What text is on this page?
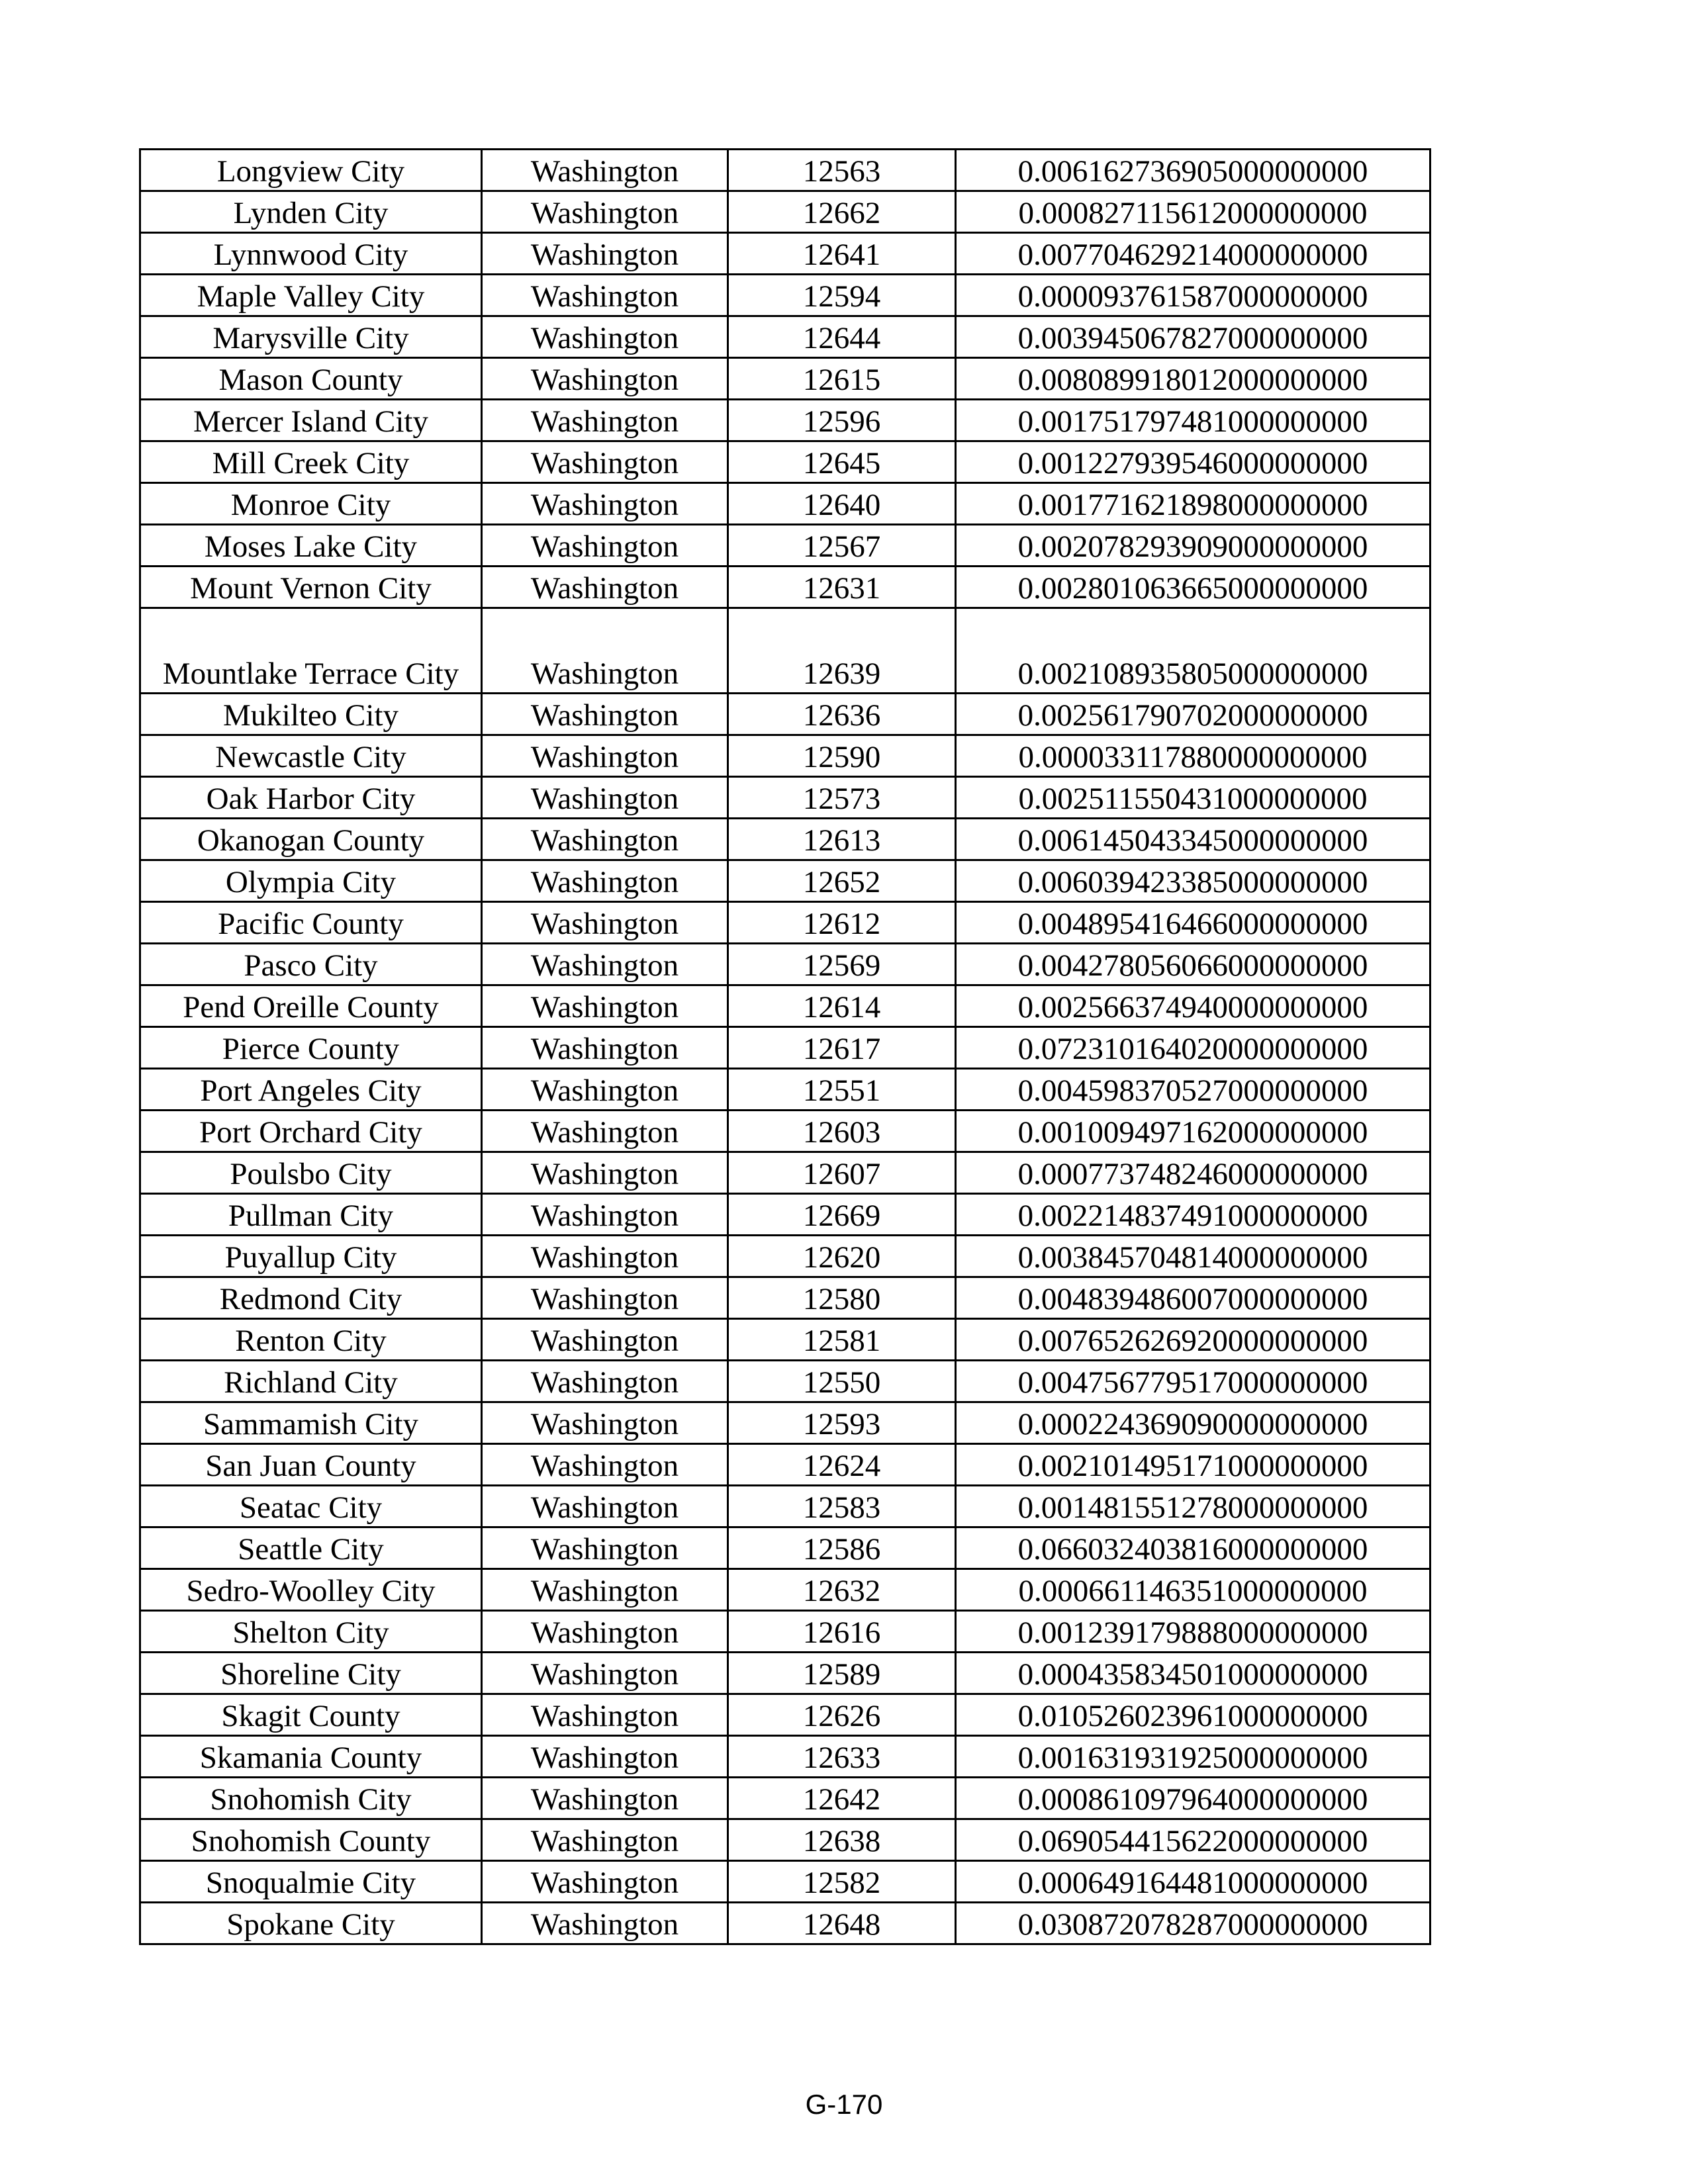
Longview City	Washington	12563	0.006162736905000000000
Lynden City	Washington	12662	0.000827115612000000000
Lynnwood City	Washington	12641	0.007704629214000000000
Maple Valley City	Washington	12594	0.000093761587000000000
Marysville City	Washington	12644	0.003945067827000000000
Mason County	Washington	12615	0.008089918012000000000
Mercer Island City	Washington	12596	0.001751797481000000000
Mill Creek City	Washington	12645	0.001227939546000000000
Monroe City	Washington	12640	0.001771621898000000000
Moses Lake City	Washington	12567	0.002078293909000000000
Mount Vernon City	Washington	12631	0.002801063665000000000
Mountlake Terrace City	Washington	12639	0.002108935805000000000
Mukilteo City	Washington	12636	0.002561790702000000000
Newcastle City	Washington	12590	0.000033117880000000000
Oak Harbor City	Washington	12573	0.002511550431000000000
Okanogan County	Washington	12613	0.006145043345000000000
Olympia City	Washington	12652	0.006039423385000000000
Pacific County	Washington	12612	0.004895416466000000000
Pasco City	Washington	12569	0.004278056066000000000
Pend Oreille County	Washington	12614	0.002566374940000000000
Pierce County	Washington	12617	0.072310164020000000000
Port Angeles City	Washington	12551	0.004598370527000000000
Port Orchard City	Washington	12603	0.001009497162000000000
Poulsbo City	Washington	12607	0.000773748246000000000
Pullman City	Washington	12669	0.002214837491000000000
Puyallup City	Washington	12620	0.003845704814000000000
Redmond City	Washington	12580	0.004839486007000000000
Renton City	Washington	12581	0.007652626920000000000
Richland City	Washington	12550	0.004756779517000000000
Sammamish City	Washington	12593	0.000224369090000000000
San Juan County	Washington	12624	0.002101495171000000000
Seatac City	Washington	12583	0.001481551278000000000
Seattle City	Washington	12586	0.066032403816000000000
Sedro-Woolley City	Washington	12632	0.000661146351000000000
Shelton City	Washington	12616	0.001239179888000000000
Shoreline City	Washington	12589	0.000435834501000000000
Skagit County	Washington	12626	0.010526023961000000000
Skamania County	Washington	12633	0.001631931925000000000
Snohomish City	Washington	12642	0.000861097964000000000
Snohomish County	Washington	12638	0.069054415622000000000
Snoqualmie City	Washington	12582	0.000649164481000000000
Spokane City	Washington	12648	0.030872078287000000000
G-170
